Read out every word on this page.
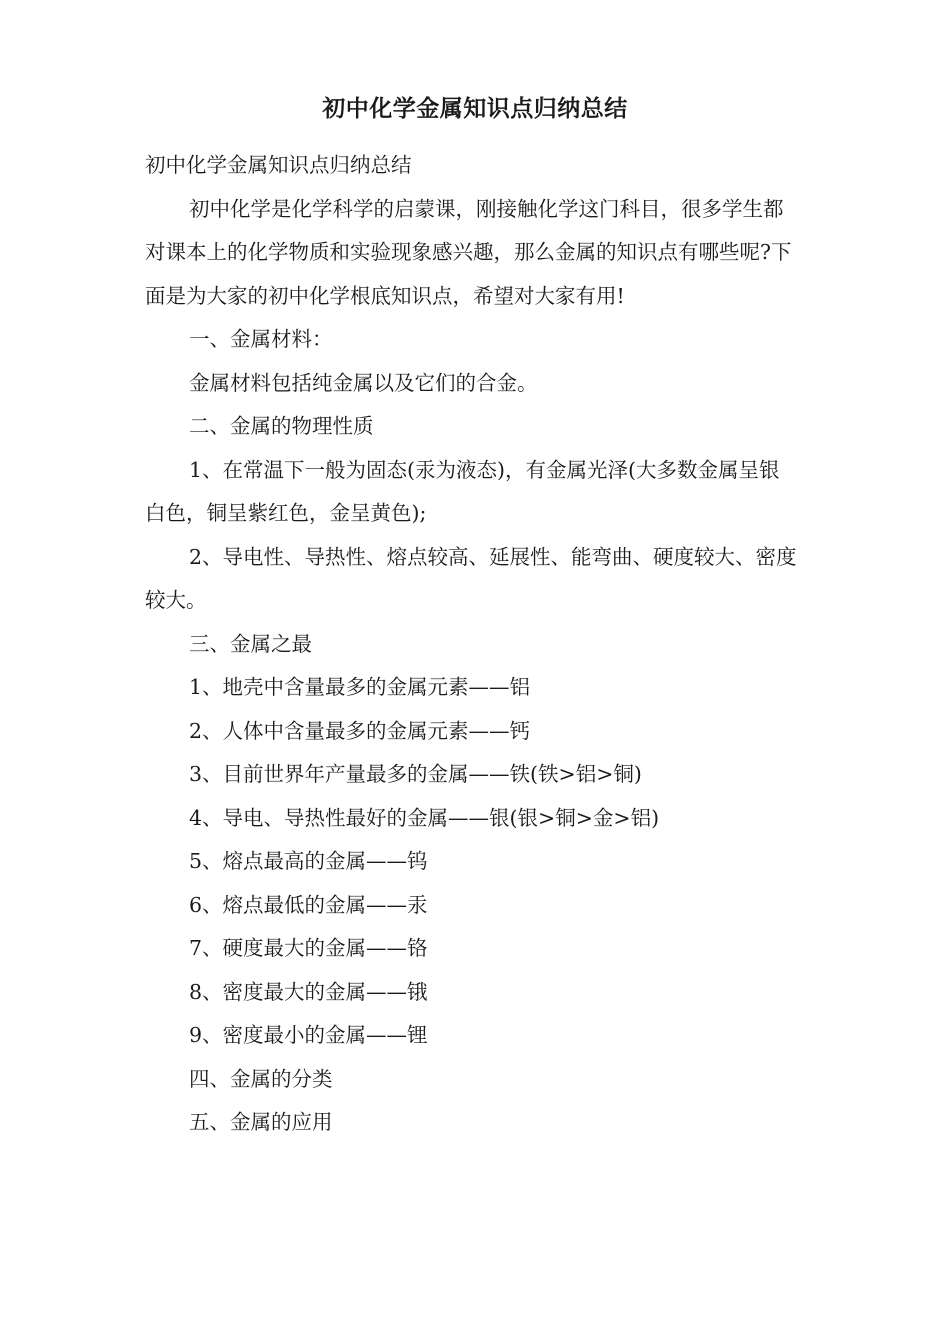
初中化学金属知识点归纳总结

初中化学金属知识点归纳总结

初中化学是化学科学的启蒙课，刚接触化学这门科目，很多学生都对课本上的化学物质和实验现象感兴趣，那么金属的知识点有哪些呢?下面是为大家的初中化学根底知识点，希望对大家有用!

一、金属材料：

金属材料包括纯金属以及它们的合金。

二、金属的物理性质

1、在常温下一般为固态(汞为液态)，有金属光泽(大多数金属呈银白色，铜呈紫红色，金呈黄色);

2、导电性、导热性、熔点较高、延展性、能弯曲、硬度较大、密度较大。

三、金属之最

1、地壳中含量最多的金属元素——铝

2、人体中含量最多的金属元素——钙

3、目前世界年产量最多的金属——铁(铁>铝>铜)

4、导电、导热性最好的金属——银(银>铜>金>铝)

5、熔点最高的金属——钨

6、熔点最低的金属——汞

7、硬度最大的金属——铬

8、密度最大的金属——锇

9、密度最小的金属——锂

四、金属的分类

五、金属的应用
